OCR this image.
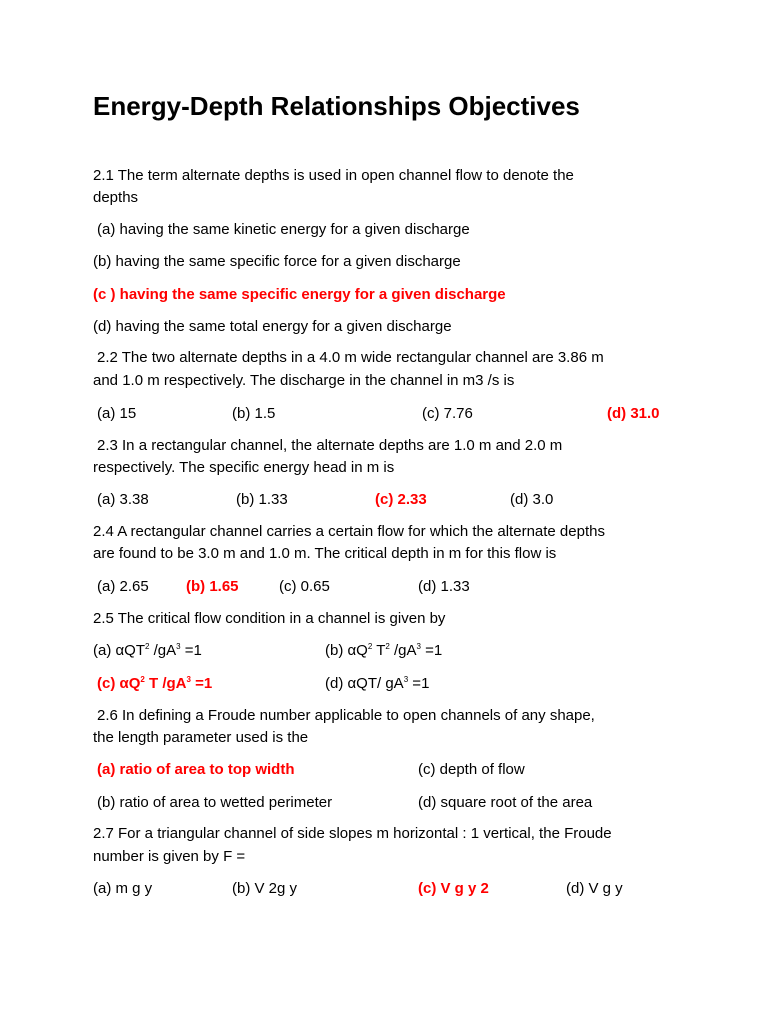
Energy-Depth Relationships Objectives

2.1 The term alternate depths is used in open channel flow to denote the

depths

(a) having the same kinetic energy for a given discharge

(b) having the same specific force for a given discharge

(c ) having the same specific energy for a given discharge

(d) having the same total energy for a given discharge

2.2 The two alternate depths in a 4.0 m wide rectangular channel are 3.86 m

and 1.0 m respectively. The discharge in the channel in m3 /s is

(a) 15	(b) 1.5	(c) 7.76	(d) 31.0

2.3 In a rectangular channel, the alternate depths are 1.0 m and 2.0 m

respectively. The specific energy head in m is

(a) 3.38	(b) 1.33	(c) 2.33	(d) 3.0

2.4 A rectangular channel carries a certain flow for which the alternate depths

are found to be 3.0 m and 1.0 m. The critical depth in m for this flow is

(a) 2.65 (b) 1.65	(c) 0.65	(d) 1.33

2.5 The critical flow condition in a channel is given by

(a) αQT$^2$ $/gA^3 =1$	(b) $\alpha Q^2$ $T^2$ $/gA^3 =1$
(c) $\alpha Q^2$ T $/gA^3 =1$	(d) αQT/ $gA^3 =1$

2.6 In defining a Froude number applicable to open channels of any shape,

the length parameter used is the

(a) ratio of area to top width	(c) depth of flow
(b) ratio of area to wetted perimeter	(d) square root of the area

2.7 For a triangular channel of side slopes m horizontal : 1 vertical, the Froude

number is given by F =

(a) m g y	(b) V 2g y	(c) V g y 2	(d) V g y
